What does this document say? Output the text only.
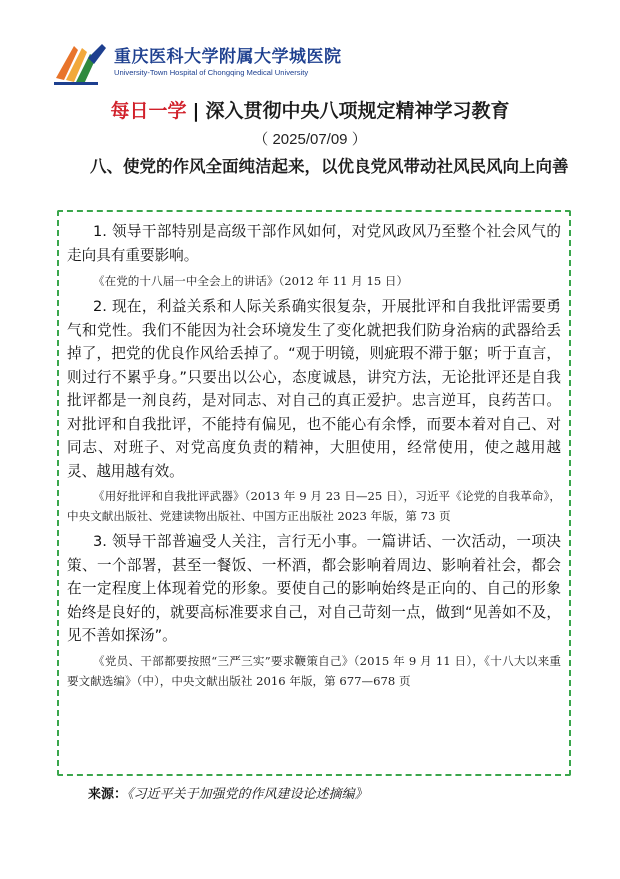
重庆医科大学附属大学城医院
University-Town Hospital of Chongqing Medical University
每日一学 | 深入贯彻中央八项规定精神学习教育
（ 2025/07/09 ）
八、使党的作风全面纯洁起来，以优良党风带动社风民风向上向善

1. 领导干部特别是高级干部作风如何，对党风政风乃至整个社会风气的走向具有重要影响。

《在党的十八届一中全会上的讲话》（2012 年 11 月 15 日）

2. 现在，利益关系和人际关系确实很复杂，开展批评和自我批评需要勇气和党性。我们不能因为社会环境发生了变化就把我们防身治病的武器给丢掉了，把党的优良作风给丢掉了。“观于明镜，则疵瑕不滞于躯；听于直言，则过行不累乎身。”只要出以公心，态度诚恳，讲究方法，无论批评还是自我批评都是一剂良药，是对同志、对自己的真正爱护。忠言逆耳，良药苦口。对批评和自我批评，不能持有偏见，也不能心有余悸，而要本着对自己、对同志、对班子、对党高度负责的精神，大胆使用，经常使用，使之越用越灵、越用越有效。

《用好批评和自我批评武器》（2013 年 9 月 23 日—25 日），习近平《论党的自我革命》，中央文献出版社、党建读物出版社、中国方正出版社 2023 年版，第 73 页

3. 领导干部普遍受人关注，言行无小事。一篇讲话、一次活动，一项决策、一个部署，甚至一餐饭、一杯酒，都会影响着周边、影响着社会，都会在一定程度上体现着党的形象。要使自己的影响始终是正向的、自己的形象始终是良好的，就要高标准要求自己，对自己苛刻一点，做到“见善如不及，见不善如探汤”。

《党员、干部都要按照“三严三实”要求鞭策自己》（2015 年 9 月 11 日），《十八大以来重要文献选编》（中），中央文献出版社 2016 年版，第 677—678 页

来源：《习近平关于加强党的作风建设论述摘编》
